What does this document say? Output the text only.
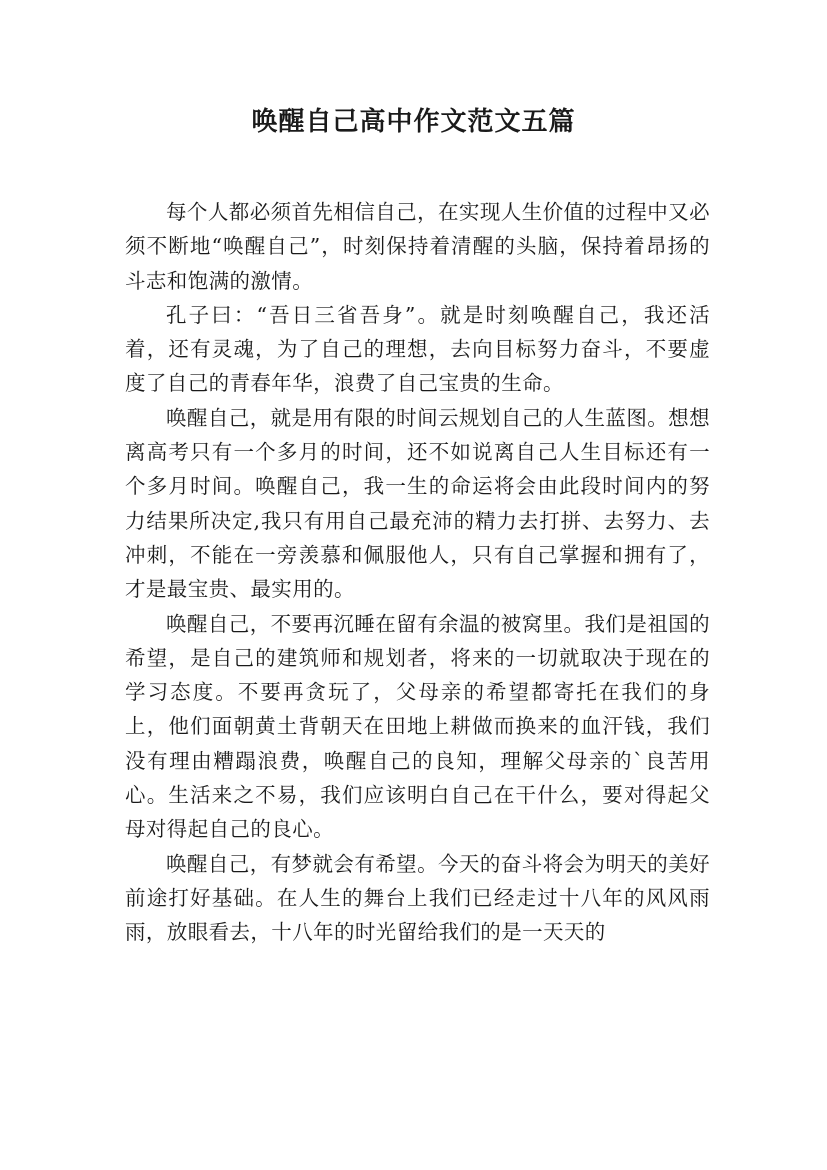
唤醒自己高中作文范文五篇

每个人都必须首先相信自己，在实现人生价值的过程中又必须不断地“唤醒自己”，时刻保持着清醒的头脑，保持着昂扬的斗志和饱满的激情。

孔子曰：“吾日三省吾身”。就是时刻唤醒自己，我还活着，还有灵魂，为了自己的理想，去向目标努力奋斗，不要虚度了自己的青春年华，浪费了自己宝贵的生命。

唤醒自己，就是用有限的时间云规划自己的人生蓝图。想想离高考只有一个多月的时间，还不如说离自己人生目标还有一个多月时间。唤醒自己，我一生的命运将会由此段时间内的努力结果所决定,我只有用自己最充沛的精力去打拼、去努力、去冲刺，不能在一旁羡慕和佩服他人，只有自己掌握和拥有了，才是最宝贵、最实用的。

唤醒自己，不要再沉睡在留有余温的被窝里。我们是祖国的希望，是自己的建筑师和规划者，将来的一切就取决于现在的学习态度。不要再贪玩了，父母亲的希望都寄托在我们的身上，他们面朝黄土背朝天在田地上耕做而换来的血汗钱，我们没有理由糟蹋浪费，唤醒自己的良知，理解父母亲的`良苦用心。生活来之不易，我们应该明白自己在干什么，要对得起父母对得起自己的良心。

唤醒自己，有梦就会有希望。今天的奋斗将会为明天的美好前途打好基础。在人生的舞台上我们已经走过十八年的风风雨雨，放眼看去，十八年的时光留给我们的是一天天的
